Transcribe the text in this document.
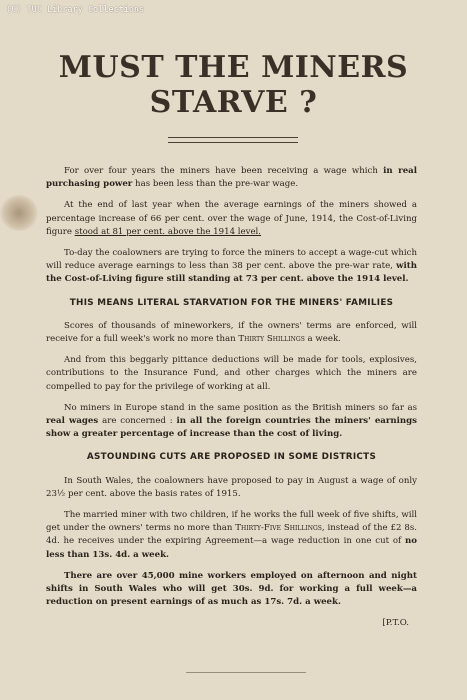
(C) TUC Library Collections
MUST THE MINERS
STARVE ?

For over four years the miners have been receiving a wage which in real purchasing power has been less than the pre-war wage.

At the end of last year when the average earnings of the miners showed a percentage increase of 66 per cent. over the wage of June, 1914, the Cost-of-Living figure stood at 81 per cent. above the 1914 level.

To-day the coalowners are trying to force the miners to accept a wage-cut which will reduce average earnings to less than 38 per cent. above the pre-war rate, with the Cost-of-Living figure still standing at 73 per cent. above the 1914 level.

THIS MEANS LITERAL STARVATION FOR THE MINERS' FAMILIES

Scores of thousands of mineworkers, if the owners' terms are enforced, will receive for a full week's work no more than Thirty Shillings a week.

And from this beggarly pittance deductions will be made for tools, explosives, contributions to the Insurance Fund, and other charges which the miners are compelled to pay for the privilege of working at all.

No miners in Europe stand in the same position as the British miners so far as real wages are concerned : in all the foreign countries the miners' earnings show a greater percentage of increase than the cost of living.

ASTOUNDING CUTS ARE PROPOSED IN SOME DISTRICTS

In South Wales, the coalowners have proposed to pay in August a wage of only 23½ per cent. above the basis rates of 1915.

The married miner with two children, if he works the full week of five shifts, will get under the owners' terms no more than Thirty-Five Shillings, instead of the £2 8s. 4d. he receives under the expiring Agreement—a wage reduction in one cut of no less than 13s. 4d. a week.

There are over 45,000 mine workers employed on afternoon and night shifts in South Wales who will get 30s. 9d. for working a full week—a reduction on present earnings of as much as 17s. 7d. a week.

[P.T.O.
